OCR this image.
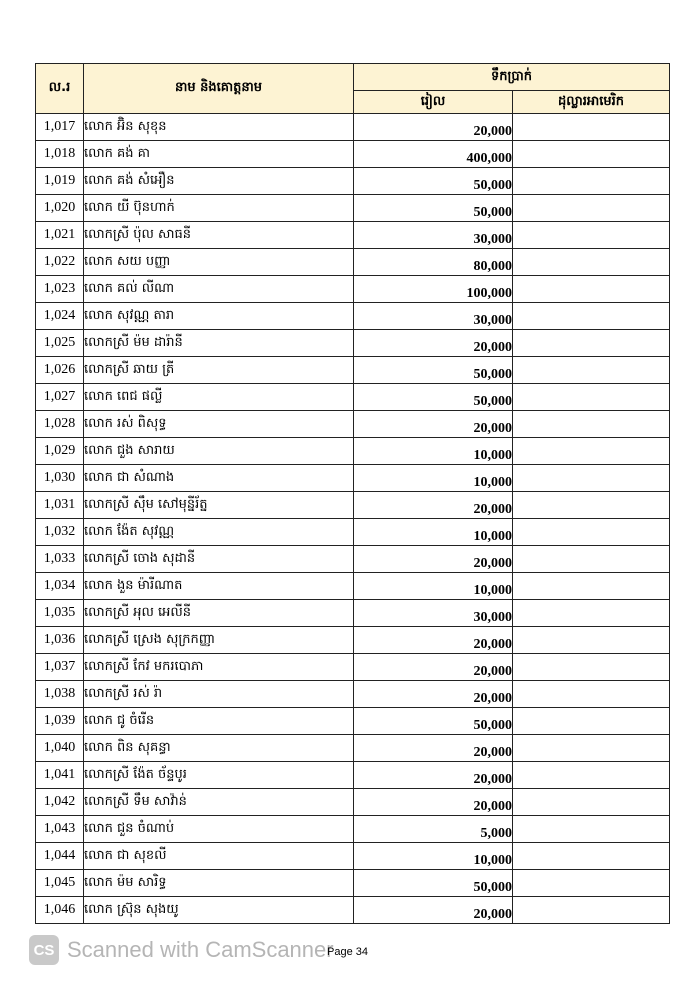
ល.រ	នាម និងគោត្តនាម	ទឹកប្រាក់	
		រៀល	ដុល្លារអាមេរិក
1,017	លោក អ៊ិន សុខុន	20,000	
1,018	លោក គង់ គា	400,000	
1,019	លោក គង់ សំអឿន	50,000	
1,020	លោក យី ប៊ុនហាក់	50,000	
1,021	លោកស្រី ប៉ុល សាធនី	30,000	
1,022	លោក សយ បញ្ញា	80,000	
1,023	លោក គល់ លីណា	100,000	
1,024	លោក សុវណ្ណ តារា	30,000	
1,025	លោកស្រី ម៉ម ដារ៉ានី	20,000	
1,026	លោកស្រី ឆាយ ត្រី	50,000	
1,027	លោក ពេជ ផល្លី	50,000	
1,028	លោក រស់ ពិសុទ្ធ	20,000	
1,029	លោក ជួង សារាយ	10,000	
1,030	លោក ជា សំណាង	10,000	
1,031	លោកស្រី ស៊ឹម សៅមុន្នីរ័ត្ន	20,000	
1,032	លោក ង៉ែត សុវណ្ណ	10,000	
1,033	លោកស្រី ចោង សុដានី	20,000	
1,034	លោក ងួន ម៉ារីណាត	10,000	
1,035	លោកស្រី អុល អេលីនី	30,000	
1,036	លោកស្រី ស្រេង សុក្រកញ្ញា	20,000	
1,037	លោកស្រី កែវ មករបោភា	20,000	
1,038	លោកស្រី រស់ រ៉ា	20,000	
1,039	លោក ជូ ចំរើន	50,000	
1,040	លោក ពិន សុគន្ធា	20,000	
1,041	លោកស្រី ង៉ែត ច័ន្ទបូរ	20,000	
1,042	លោកស្រី ទឹម សាវ៉ាន់	20,000	
1,043	លោក ជួន ចំណាប់	5,000	
1,044	លោក ជា សុខលី	10,000	
1,045	លោក ម៉ម សារិទ្ធ	50,000	
1,046	លោក ស្រ៊ុន សុងយូ	20,000	
CS Scanned with CamScanner
Page 34
